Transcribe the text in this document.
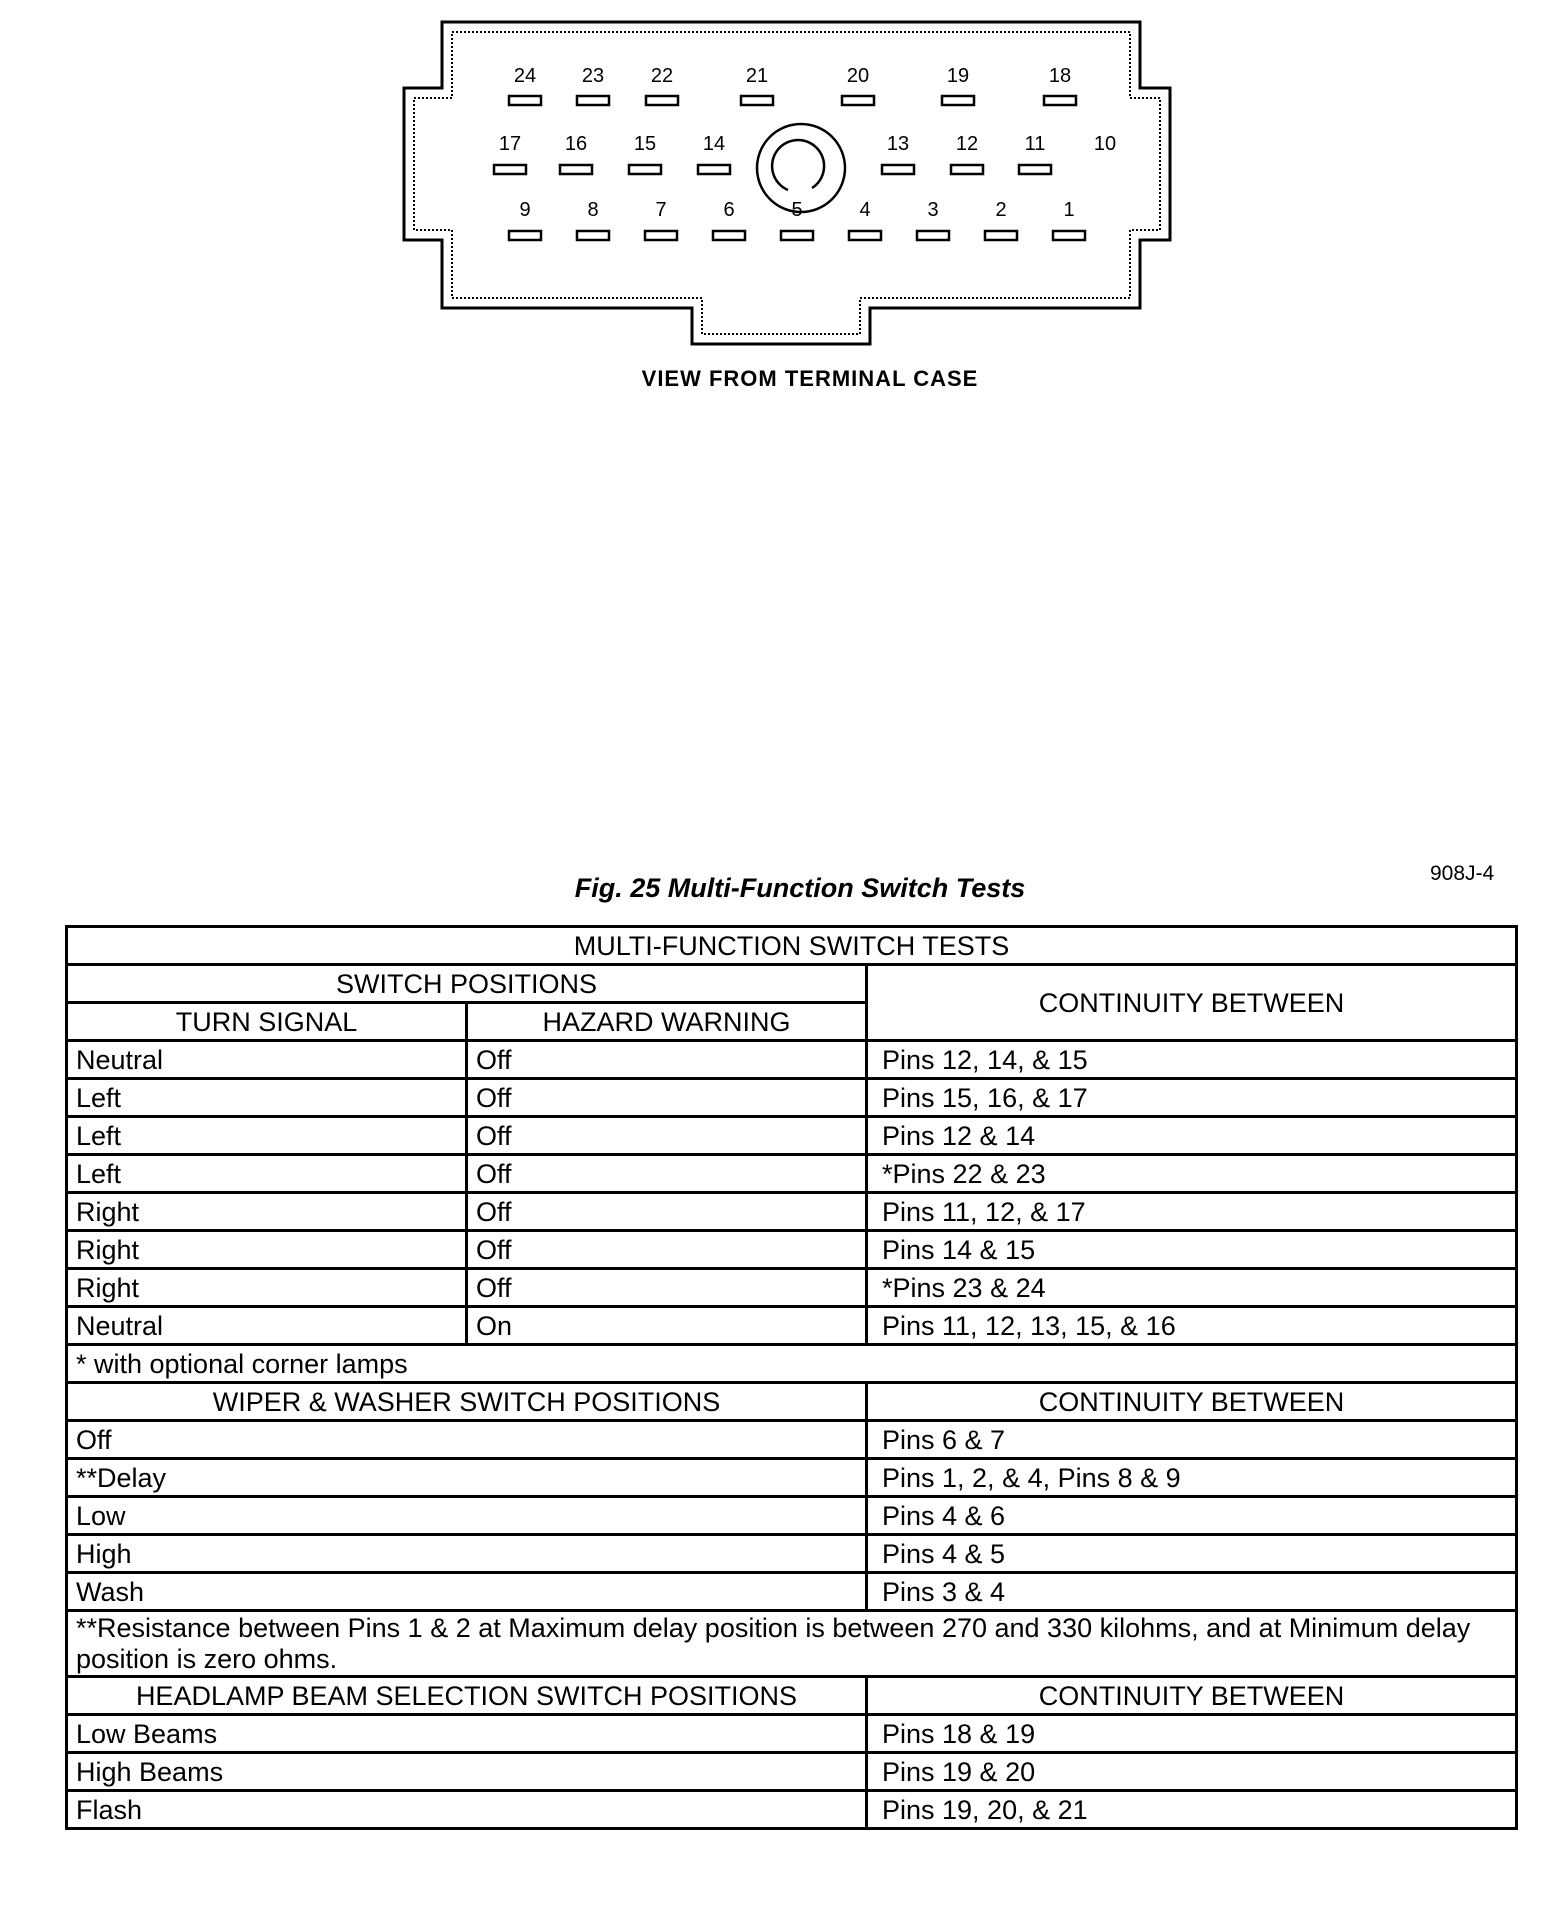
24 23 22	21	20	19	18
17 16 15 14	13 12 11 10
9	8	7	6	5	4	3	2	1
VIEW FROM TERMINAL CASE
908J-4
Fig. 25 Multi-Function Switch Tests
MULTI-FUNCTION SWITCH TESTS		
SWITCH POSITIONS		CONTINUITY BETWEEN
TURN SIGNAL	HAZARD WARNING	
Neutral	Off	Pins 12, 14, & 15
Left	Off	Pins 15, 16, & 17
Left	Off	Pins 12 & 14
Left	Off	*Pins 22 & 23
Right	Off	Pins 11, 12, & 17
Right	Off	Pins 14 & 15
Right	Off	*Pins 23 & 24
Neutral	On	Pins 11, 12, 13, 15, & 16
* with optional corner lamps		
WIPER & WASHER SWITCH POSITIONS		CONTINUITY BETWEEN
Off		Pins 6 & 7
**Delay		Pins 1, 2, & 4, Pins 8 & 9
Low		Pins 4 & 6
High		Pins 4 & 5
Wash		Pins 3 & 4
**Resistance between Pins 1 & 2 at Maximum delay position is between 270 and 330 kilohms, and at Minimum delay position is zero ohms.		
HEADLAMP BEAM SELECTION SWITCH POSITIONS		CONTINUITY BETWEEN
Low Beams		Pins 18 & 19
High Beams		Pins 19 & 20
Flash		Pins 19, 20, & 21
